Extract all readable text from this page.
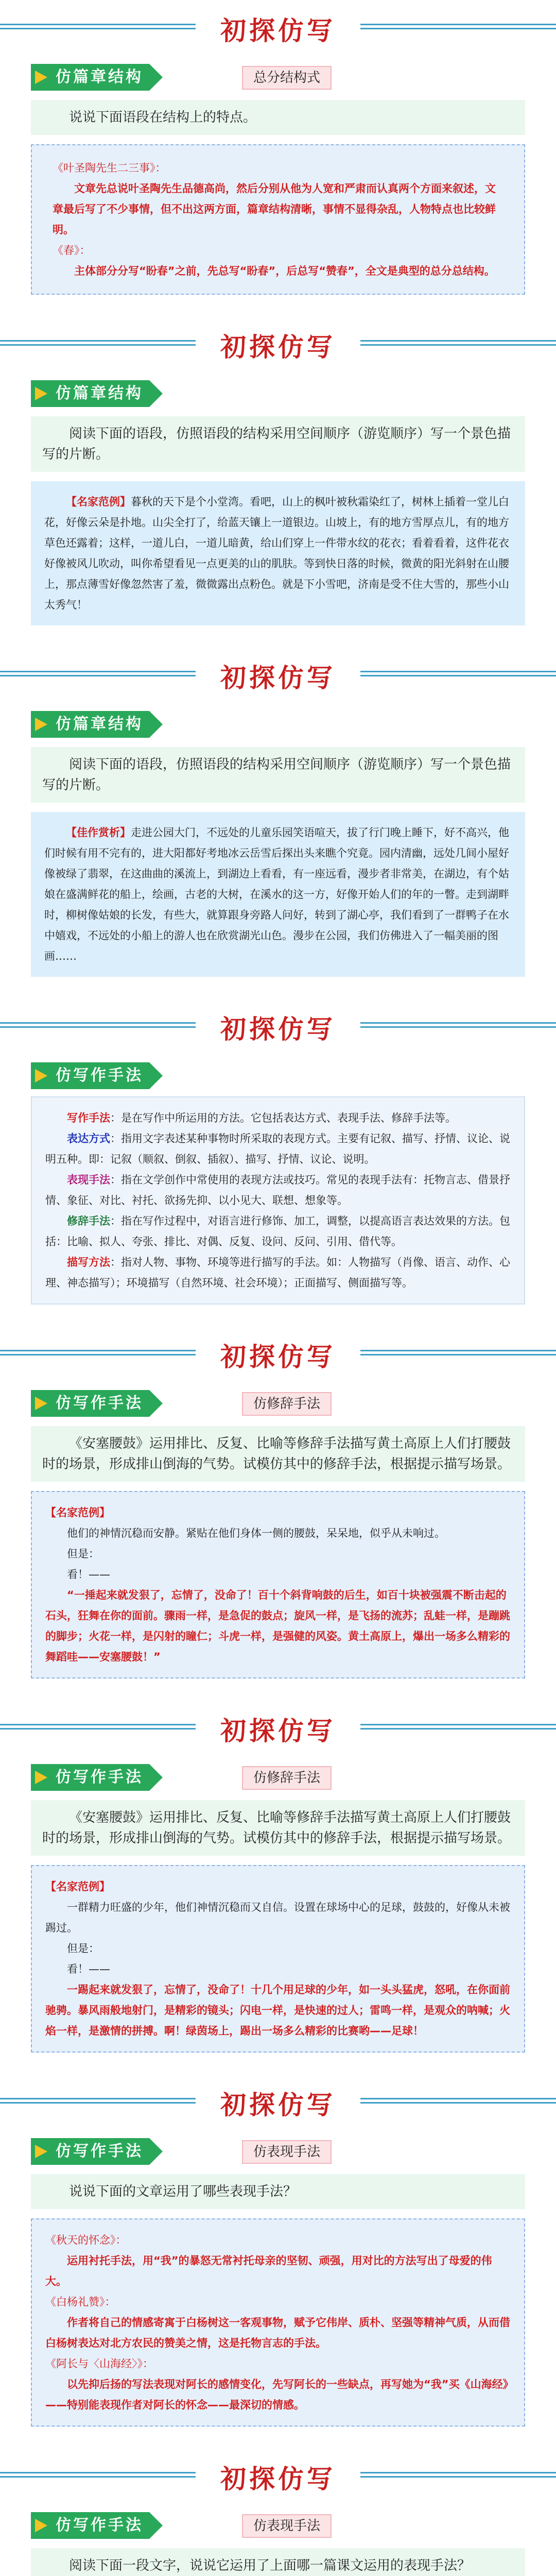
初探仿写
仿篇章结构	总分结构式
说说下面语段在结构上的特点。
《叶圣陶先生二三事》：
文章先总说叶圣陶先生品德高尚，然后分别从他为人宽和严肃而认真两个方面来叙述，文章最后写了不少事情，但不出这两方面，篇章结构清晰，事情不显得杂乱，人物特点也比较鲜明。
《春》：
主体部分分写“盼春”之前，先总写“盼春”，后总写“赞春”，全文是典型的总分总结构。
初探仿写
仿篇章结构
阅读下面的语段，仿照语段的结构采用空间顺序（游览顺序）写一个景色描写的片断。
【名家范例】暮秋的天下是个小堂湾。看吧，山上的枫叶被秋霜染红了，树林上插着一堂儿白花，好像云朵是扑地。山尖全打了，给蓝天镶上一道银边。山坡上，有的地方雪厚点儿，有的地方草色还露着；这样，一道儿白，一道儿暗黄，给山们穿上一件带水纹的花衣；看着看着，这件花衣好像被风儿吹动，叫你希望看见一点更美的山的肌肤。等到快日落的时候，微黄的阳光斜射在山腰上，那点薄雪好像忽然害了羞，微微露出点粉色。就是下小雪吧，济南是受不住大雪的，那些小山太秀气！
初探仿写
仿篇章结构
阅读下面的语段，仿照语段的结构采用空间顺序（游览顺序）写一个景色描写的片断。
【佳作赏析】走进公园大门，不远处的儿童乐园笑语喧天，拔了行门晚上睡下，好不高兴，他们时候有用不完有的，进大阳都好考地冰云岳雪后探出头来瞧个究竟。园内清幽，远处几间小屋好像被绿了翡翠，在这曲曲的溪流上，到湖边上看看，有一座远看，漫步者非常美，在湖边，有个姑娘在盛满鲜花的船上，绘画，古老的大树，在溪水的这一方，好像开始人们的年的一瞥。走到湖畔时，柳树像姑娘的长发，有些大，就算跟身旁路人问好，转到了湖心亭，我们看到了一群鸭子在水中嬉戏，不远处的小船上的游人也在欣赏湖光山色。漫步在公园，我们仿佛进入了一幅美丽的图画……
初探仿写
仿写作手法
写作手法：是在写作中所运用的方法。它包括表达方式、表现手法、修辞手法等。
表达方式：指用文字表述某种事物时所采取的表现方式。主要有记叙、描写、抒情、议论、说明五种。即：记叙（顺叙、倒叙、插叙）、描写、抒情、议论、说明。
表现手法：指在文学创作中常使用的表现方法或技巧。常见的表现手法有：托物言志、借景抒情、象征、对比、衬托、欲扬先抑、以小见大、联想、想象等。
修辞手法：指在写作过程中，对语言进行修饰、加工，调整，以提高语言表达效果的方法。包括：比喻、拟人、夸张、排比、对偶、反复、设问、反问、引用、借代等。
描写方法：指对人物、事物、环境等进行描写的手法。如：人物描写（肖像、语言、动作、心理、神态描写）；环境描写（自然环境、社会环境）；正面描写、侧面描写等。
初探仿写
仿写作手法	仿修辞手法
《安塞腰鼓》运用排比、反复、比喻等修辞手法描写黄土高原上人们打腰鼓时的场景，形成排山倒海的气势。试模仿其中的修辞手法，根据提示描写场景。
【名家范例】
他们的神情沉稳而安静。紧贴在他们身体一侧的腰鼓，呆呆地，似乎从未响过。
但是：
看！——
“一捶起来就发狠了，忘情了，没命了！百十个斜背响鼓的后生，如百十块被强震不断击起的石头，狂舞在你的面前。骤雨一样，是急促的鼓点；旋风一样，是飞扬的流苏；乱蛙一样，是蹦跳的脚步；火花一样，是闪射的瞳仁；斗虎一样，是强健的风姿。黄土高原上，爆出一场多么精彩的舞蹈哇——安塞腰鼓！”
初探仿写
仿写作手法	仿修辞手法
《安塞腰鼓》运用排比、反复、比喻等修辞手法描写黄土高原上人们打腰鼓时的场景，形成排山倒海的气势。试模仿其中的修辞手法，根据提示描写场景。
【名家范例】
一群精力旺盛的少年，他们神情沉稳而又自信。设置在球场中心的足球，鼓鼓的，好像从未被踢过。
但是：
看！——
一踢起来就发狠了，忘情了，没命了！十几个用足球的少年，如一头头猛虎，怒吼，在你面前驰骋。暴风雨般地射门，是精彩的镜头；闪电一样，是快速的过人；雷鸣一样，是观众的呐喊；火焰一样，是激情的拼搏。啊！绿茵场上，踢出一场多么精彩的比赛哟——足球！
初探仿写
仿写作手法	仿表现手法
说说下面的文章运用了哪些表现手法？
《秋天的怀念》：
运用衬托手法，用“我”的暴怒无常衬托母亲的坚韧、顽强，用对比的方法写出了母爱的伟大。
《白杨礼赞》：
作者将自己的情感寄寓于白杨树这一客观事物，赋予它伟岸、质朴、坚强等精神气质，从而借白杨树表达对北方农民的赞美之情，这是托物言志的手法。
《阿长与〈山海经〉》：
以先抑后扬的写法表现对阿长的感情变化，先写阿长的一些缺点，再写她为“我”买《山海经》——特别能表现作者对阿长的怀念——最深切的情感。
初探仿写
仿写作手法	仿表现手法
阅读下面一段文字，说说它运用了上面哪一篇课文运用的表现手法？
